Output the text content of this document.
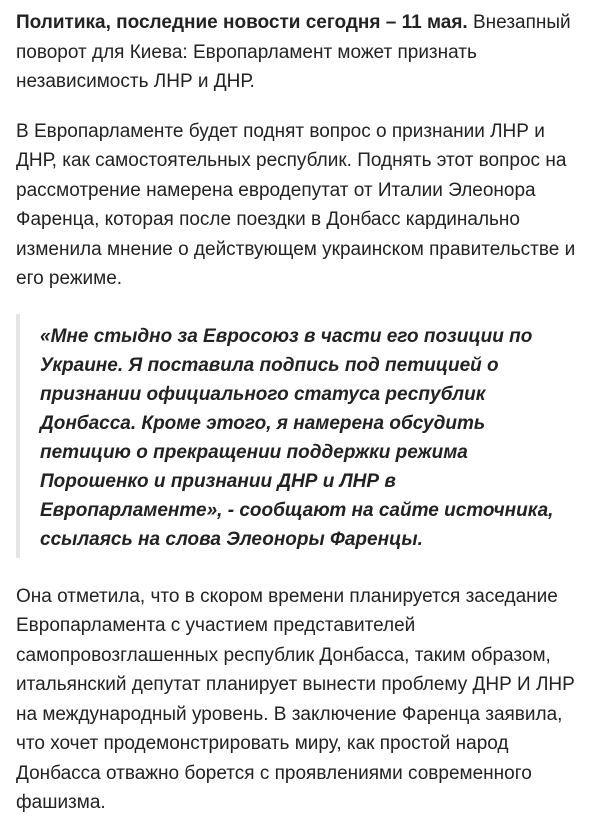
Политика, последние новости сегодня – 11 мая. Внезапный поворот для Киева: Европарламент может признать независимость ЛНР и ДНР.

В Европарламенте будет поднят вопрос о признании ЛНР и ДНР, как самостоятельных республик. Поднять этот вопрос на рассмотрение намерена евродепутат от Италии Элеонора Фаренца, которая после поездки в Донбасс кардинально изменила мнение о действующем украинском правительстве и его режиме.

«Мне стыдно за Евросоюз в части его позиции по Украине. Я поставила подпись под петицией о признании официального статуса республик Донбасса. Кроме этого, я намерена обсудить петицию о прекращении поддержки режима Порошенко и признании ДНР и ЛНР в Европарламенте», - сообщают на сайте источника, ссылаясь на слова Элеоноры Фаренцы.

Она отметила, что в скором времени планируется заседание Европарламента с участием представителей самопровозглашенных республик Донбасса, таким образом, итальянский депутат планирует вынести проблему ДНР И ЛНР на международный уровень. В заключение Фаренца заявила, что хочет продемонстрировать миру, как простой народ Донбасса отважно борется с проявлениями современного фашизма.
